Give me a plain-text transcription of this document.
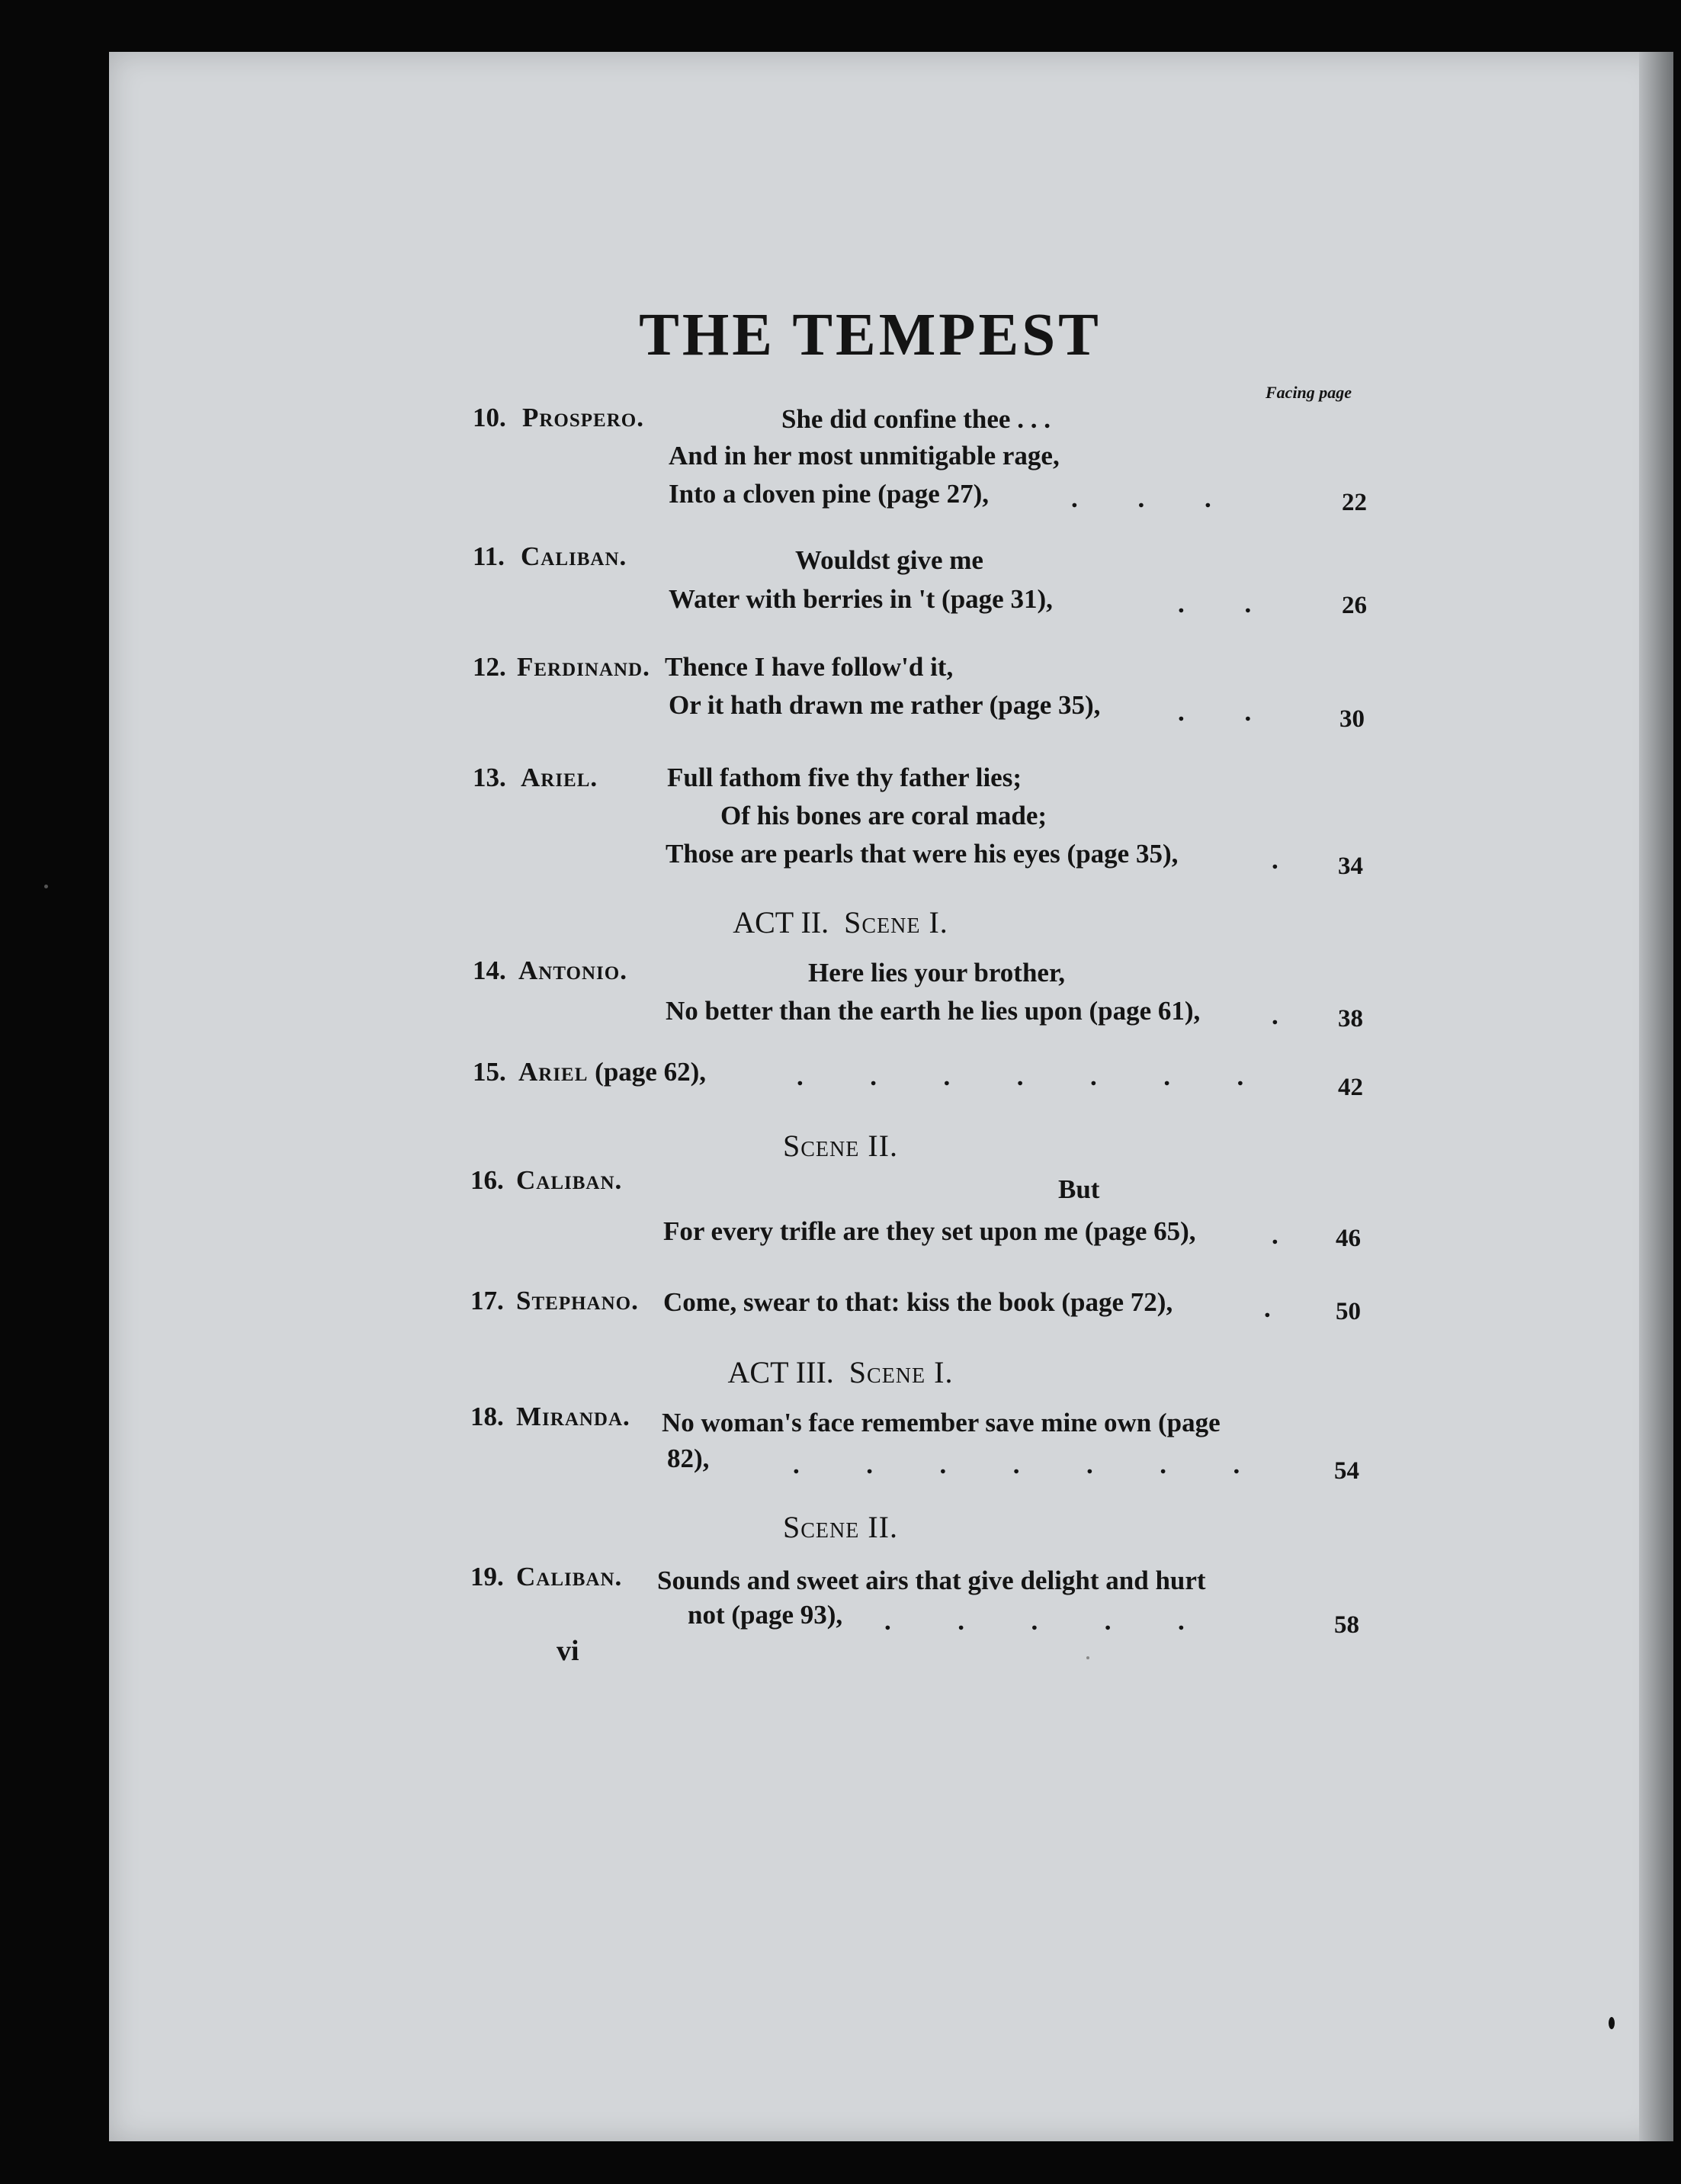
THE TEMPEST
Facing page
10. Prospero.	She did confine thee . . .
And in her most unmitigable rage,
Into a cloven pine (page 27),	.         .         .	22
11. Caliban.	Wouldst give me
Water with berries in 't (page 31),	.         .	26
12. Ferdinand. Thence I have follow'd it,
Or it hath drawn me rather (page 35),	.         .	30
13. Ariel.	Full fathom five thy father lies;
Of his bones are coral made;
Those are pearls that were his eyes (page 35),	. 34
ACT II. Scene I.
14. Antonio.	Here lies your brother,
No better than the earth he lies upon (page 61),	. 38
15. Ariel (page 62),	.          .          .          .          .          .          .	42
Scene II.
16. Caliban.	But
For every trifle are they set upon me (page 65),	. 46
17. Stephano. Come, swear to that: kiss the book (page 72),	.	50
ACT III. Scene I.
18. Miranda. No woman's face remember save mine own (page
82),	.          .          .          .          .          .          .	54
Scene II.
19. Caliban. Sounds and sweet airs that give delight and hurt
not (page 93), .          .          .          .          .	58
vi
